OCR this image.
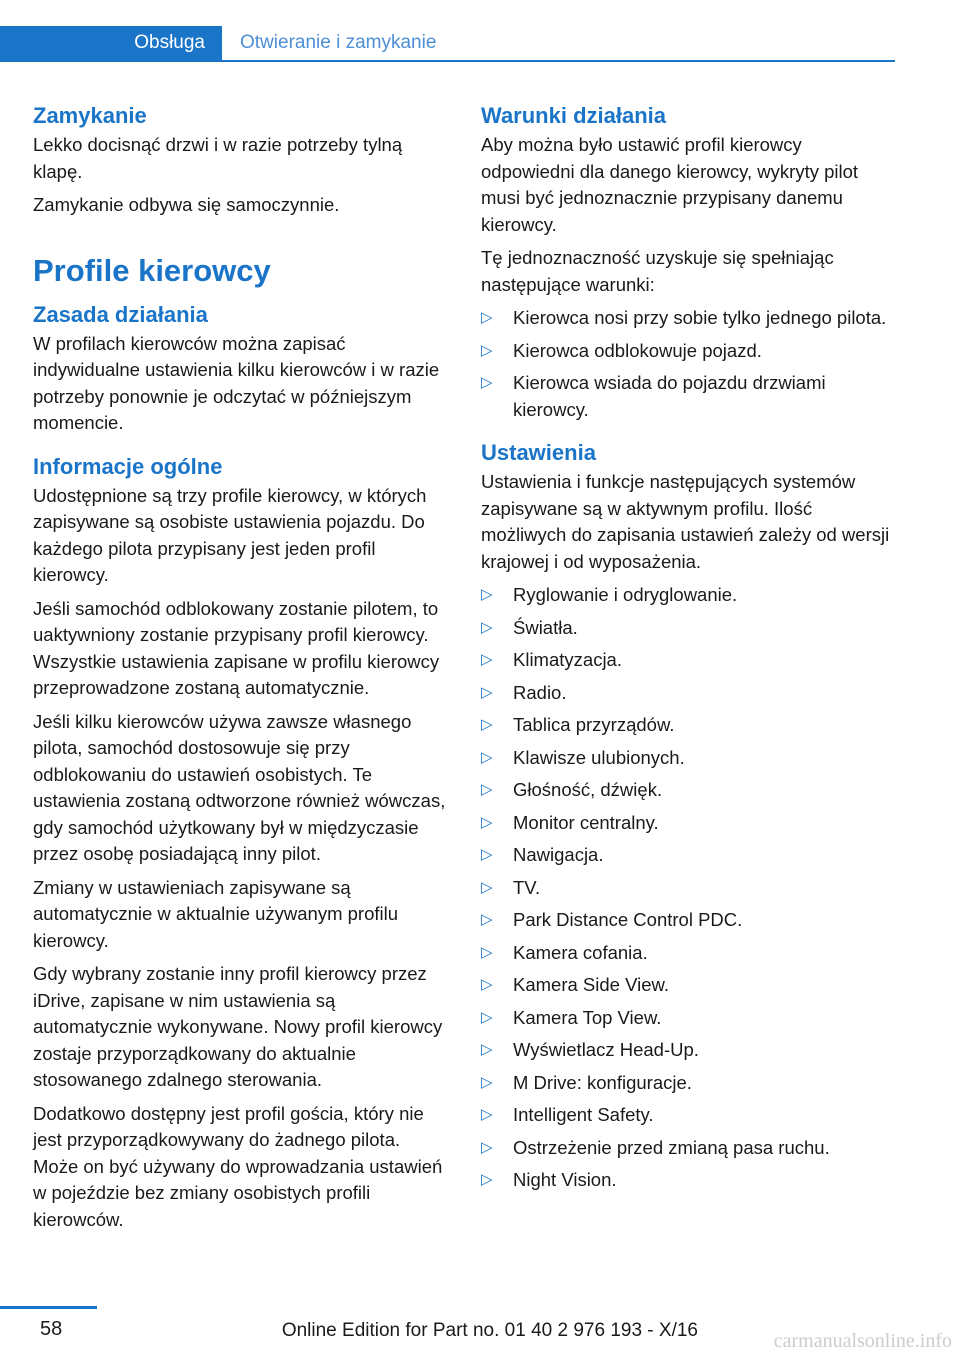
Obsługa	Otwieranie i zamykanie
Zamykanie

Lekko docisnąć drzwi i w razie potrzeby tylną klapę.

Zamykanie odbywa się samoczynnie.

Profile kierowcy
Zasada działania

W profilach kierowców można zapisać indywidualne ustawienia kilku kierowców i w razie potrzeby ponownie je odczytać w późniejszym momencie.

Informacje ogólne

Udostępnione są trzy profile kierowcy, w których zapisywane są osobiste ustawienia pojazdu. Do każdego pilota przypisany jest jeden profil kierowcy.

Jeśli samochód odblokowany zostanie pilotem, to uaktywniony zostanie przypisany profil kierowcy. Wszystkie ustawienia zapisane w profilu kierowcy przeprowadzone zostaną automatycznie.

Jeśli kilku kierowców używa zawsze własnego pilota, samochód dostosowuje się przy odblokowaniu do ustawień osobistych. Te ustawienia zostaną odtworzone również wówczas, gdy samochód użytkowany był w międzyczasie przez osobę posiadającą inny pilot.

Zmiany w ustawieniach zapisywane są automatycznie w aktualnie używanym profilu kierowcy.

Gdy wybrany zostanie inny profil kierowcy przez iDrive, zapisane w nim ustawienia są automatycznie wykonywane. Nowy profil kierowcy zostaje przyporządkowany do aktualnie stosowanego zdalnego sterowania.

Dodatkowo dostępny jest profil gościa, który nie jest przyporządkowywany do żadnego pilota. Może on być używany do wprowadzania ustawień w pojeździe bez zmiany osobistych profili kierowców.

Warunki działania

Aby można było ustawić profil kierowcy odpowiedni dla danego kierowcy, wykryty pilot musi być jednoznacznie przypisany danemu kierowcy.

Tę jednoznaczność uzyskuje się spełniając następujące warunki:

▷ Kierowca nosi przy sobie tylko jednego pilota.
▷ Kierowca odblokowuje pojazd.
▷ Kierowca wsiada do pojazdu drzwiami kierowcy.
Ustawienia

Ustawienia i funkcje następujących systemów zapisywane są w aktywnym profilu. Ilość możliwych do zapisania ustawień zależy od wersji krajowej i od wyposażenia.

▷ Ryglowanie i odryglowanie.
▷ Światła.
▷ Klimatyzacja.
▷ Radio.
▷ Tablica przyrządów.
▷ Klawisze ulubionych.
▷ Głośność, dźwięk.
▷ Monitor centralny.
▷ Nawigacja.
▷ TV.
▷ Park Distance Control PDC.
▷ Kamera cofania.
▷ Kamera Side View.
▷ Kamera Top View.
▷ Wyświetlacz Head-Up.
▷ M Drive: konfiguracje.
▷ Intelligent Safety.
▷ Ostrzeżenie przed zmianą pasa ruchu.
▷ Night Vision.
58	Online Edition for Part no. 01 40 2 976 193 - X/16	carmanualsonline.info
